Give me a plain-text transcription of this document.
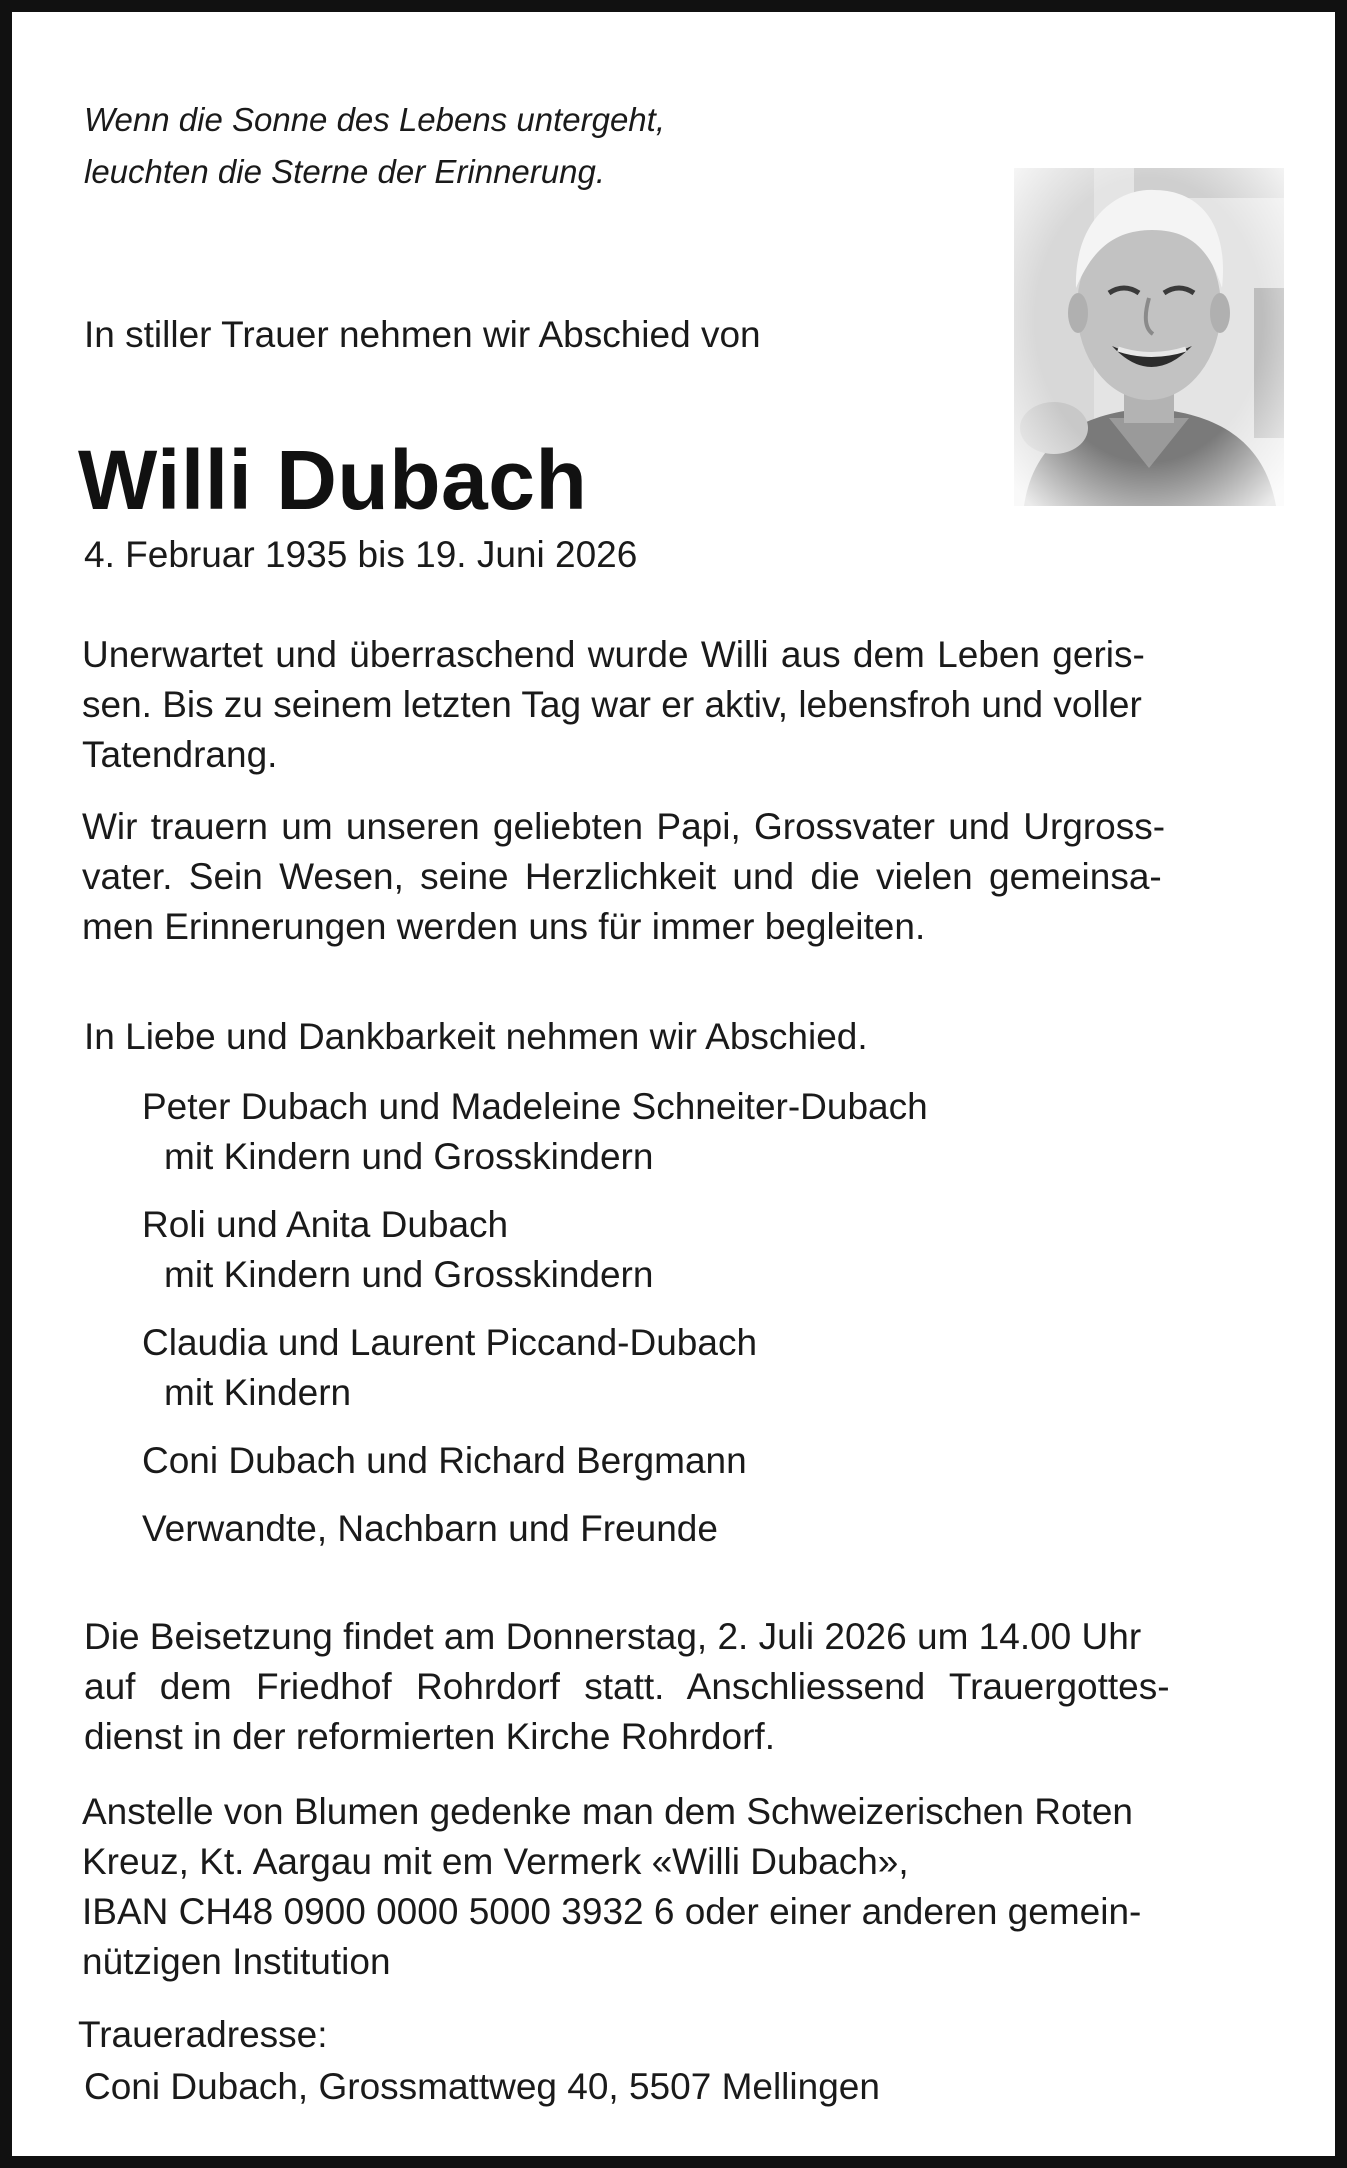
Wenn die Sonne des Lebens untergeht,
leuchten die Sterne der Erinnerung.

In stiller Trauer nehmen wir Abschied von

Willi Dubach

4. Februar 1935 bis 19. Juni 2026

Unerwartet und überraschend wurde Willi aus dem Leben geris-
sen. Bis zu seinem letzten Tag war er aktiv, lebensfroh und voller
Tatendrang.
Wir trauern um unseren geliebten Papi, Grossvater und Urgross-
vater. Sein Wesen, seine Herzlichkeit und die vielen gemeinsa-
men Erinnerungen werden uns für immer begleiten.

In Liebe und Dankbarkeit nehmen wir Abschied.

Peter Dubach und Madeleine Schneiter-Dubach

mit Kindern und Grosskindern

Roli und Anita Dubach

mit Kindern und Grosskindern

Claudia und Laurent Piccand-Dubach

mit Kindern

Coni Dubach und Richard Bergmann

Verwandte, Nachbarn und Freunde

Die Beisetzung findet am Donnerstag, 2. Juli 2026 um 14.00 Uhr
auf dem Friedhof Rohrdorf statt. Anschliessend Trauergottes-
dienst in der reformierten Kirche Rohrdorf.
Anstelle von Blumen gedenke man dem Schweizerischen Roten
Kreuz, Kt. Aargau mit em Vermerk «Willi Dubach»,
IBAN CH48 0900 0000 5000 3932 6 oder einer anderen gemein-
nützigen Institution

Traueradresse:

Coni Dubach, Grossmattweg 40, 5507 Mellingen
